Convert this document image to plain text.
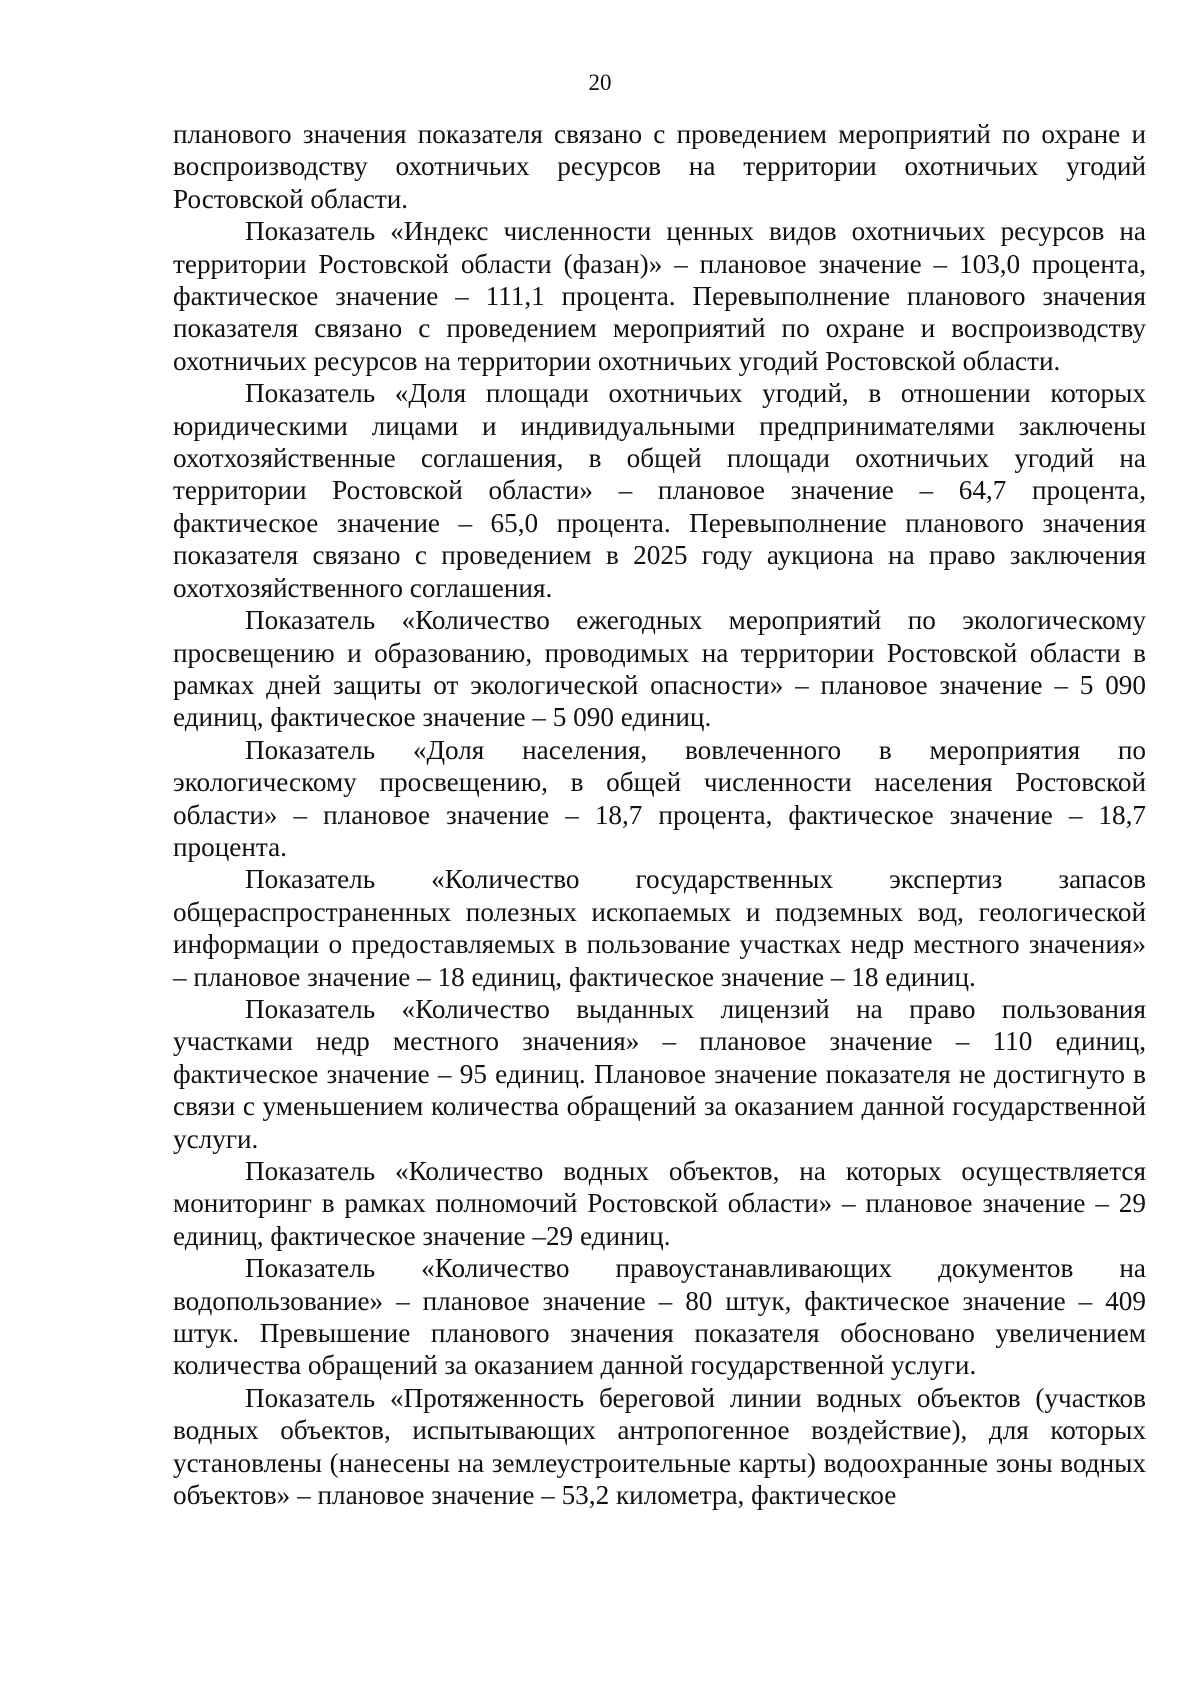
20

планового значения показателя связано с проведением мероприятий по охране и воспроизводству охотничьих ресурсов на территории охотничьих угодий Ростовской области.

Показатель «Индекс численности ценных видов охотничьих ресурсов на территории Ростовской области (фазан)» – плановое значение – 103,0 процента, фактическое значение – 111,1 процента. Перевыполнение планового значения показателя связано с проведением мероприятий по охране и воспроизводству охотничьих ресурсов на территории охотничьих угодий Ростовской области.

Показатель «Доля площади охотничьих угодий, в отношении которых юридическими лицами и индивидуальными предпринимателями заключены охотхозяйственные соглашения, в общей площади охотничьих угодий на территории Ростовской области» – плановое значение – 64,7 процента, фактическое значение – 65,0 процента. Перевыполнение планового значения показателя связано с проведением в 2025 году аукциона на право заключения охотхозяйственного соглашения.

Показатель «Количество ежегодных мероприятий по экологическому просвещению и образованию, проводимых на территории Ростовской области в рамках дней защиты от экологической опасности» – плановое значение – 5 090 единиц, фактическое значение – 5 090 единиц.

Показатель «Доля населения, вовлеченного в мероприятия по экологическому просвещению, в общей численности населения Ростовской области» – плановое значение – 18,7 процента, фактическое значение – 18,7 процента.

Показатель «Количество государственных экспертиз запасов общераспространенных полезных ископаемых и подземных вод, геологической информации о предоставляемых в пользование участках недр местного значения» – плановое значение – 18 единиц, фактическое значение – 18 единиц.

Показатель «Количество выданных лицензий на право пользования участками недр местного значения» – плановое значение – 110 единиц, фактическое значение – 95 единиц. Плановое значение показателя не достигнуто в связи с уменьшением количества обращений за оказанием данной государственной услуги.

Показатель «Количество водных объектов, на которых осуществляется мониторинг в рамках полномочий Ростовской области» – плановое значение – 29 единиц, фактическое значение –29 единиц.

Показатель «Количество правоустанавливающих документов на водопользование» – плановое значение – 80 штук, фактическое значение – 409 штук. Превышение планового значения показателя обосновано увеличением количества обращений за оказанием данной государственной услуги.

Показатель «Протяженность береговой линии водных объектов (участков водных объектов, испытывающих антропогенное воздействие), для которых установлены (нанесены на землеустроительные карты) водоохранные зоны водных объектов» – плановое значение – 53,2 километра, фактическое
